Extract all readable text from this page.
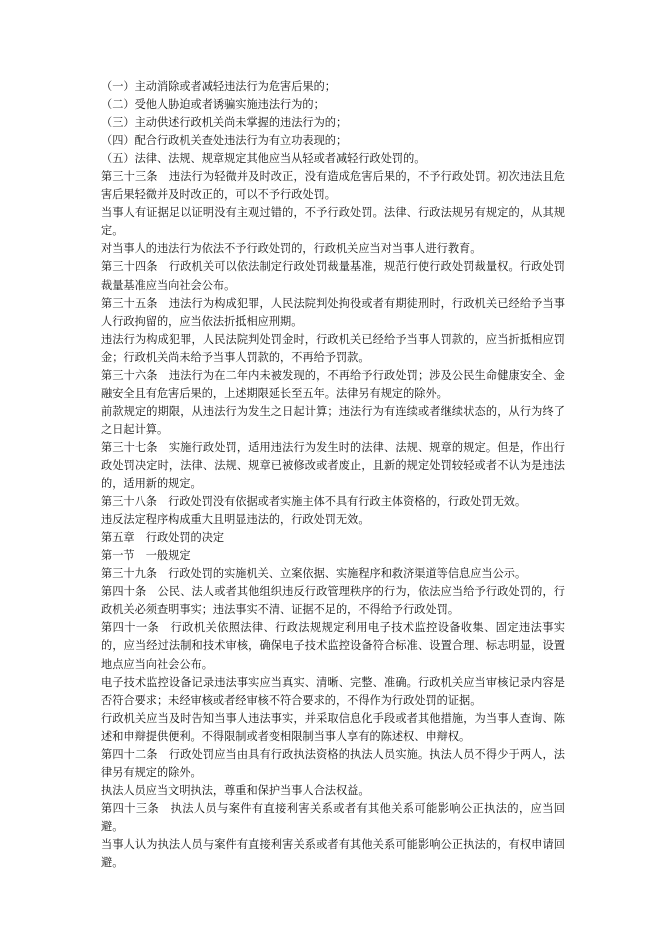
（一）主动消除或者减轻违法行为危害后果的；

（二）受他人胁迫或者诱骗实施违法行为的；

（三）主动供述行政机关尚未掌握的违法行为的；

（四）配合行政机关查处违法行为有立功表现的；

（五）法律、法规、规章规定其他应当从轻或者减轻行政处罚的。

第三十三条　违法行为轻微并及时改正，没有造成危害后果的，不予行政处罚。初次违法且危害后果轻微并及时改正的，可以不予行政处罚。

当事人有证据足以证明没有主观过错的，不予行政处罚。法律、行政法规另有规定的，从其规定。

对当事人的违法行为依法不予行政处罚的，行政机关应当对当事人进行教育。

第三十四条　行政机关可以依法制定行政处罚裁量基准，规范行使行政处罚裁量权。行政处罚裁量基准应当向社会公布。

第三十五条　违法行为构成犯罪，人民法院判处拘役或者有期徒刑时，行政机关已经给予当事人行政拘留的，应当依法折抵相应刑期。

违法行为构成犯罪，人民法院判处罚金时，行政机关已经给予当事人罚款的，应当折抵相应罚金；行政机关尚未给予当事人罚款的，不再给予罚款。

第三十六条　违法行为在二年内未被发现的，不再给予行政处罚；涉及公民生命健康安全、金融安全且有危害后果的，上述期限延长至五年。法律另有规定的除外。

前款规定的期限，从违法行为发生之日起计算；违法行为有连续或者继续状态的，从行为终了之日起计算。

第三十七条　实施行政处罚，适用违法行为发生时的法律、法规、规章的规定。但是，作出行政处罚决定时，法律、法规、规章已被修改或者废止，且新的规定处罚较轻或者不认为是违法的，适用新的规定。

第三十八条　行政处罚没有依据或者实施主体不具有行政主体资格的，行政处罚无效。

违反法定程序构成重大且明显违法的，行政处罚无效。

第五章　行政处罚的决定

第一节　一般规定

第三十九条　行政处罚的实施机关、立案依据、实施程序和救济渠道等信息应当公示。

第四十条　公民、法人或者其他组织违反行政管理秩序的行为，依法应当给予行政处罚的，行政机关必须查明事实；违法事实不清、证据不足的，不得给予行政处罚。

第四十一条　行政机关依照法律、行政法规规定利用电子技术监控设备收集、固定违法事实的，应当经过法制和技术审核，确保电子技术监控设备符合标准、设置合理、标志明显，设置地点应当向社会公布。

电子技术监控设备记录违法事实应当真实、清晰、完整、准确。行政机关应当审核记录内容是否符合要求；未经审核或者经审核不符合要求的，不得作为行政处罚的证据。

行政机关应当及时告知当事人违法事实，并采取信息化手段或者其他措施，为当事人查询、陈述和申辩提供便利。不得限制或者变相限制当事人享有的陈述权、申辩权。

第四十二条　行政处罚应当由具有行政执法资格的执法人员实施。执法人员不得少于两人，法律另有规定的除外。

执法人员应当文明执法，尊重和保护当事人合法权益。

第四十三条　执法人员与案件有直接利害关系或者有其他关系可能影响公正执法的，应当回避。

当事人认为执法人员与案件有直接利害关系或者有其他关系可能影响公正执法的，有权申请回避。
